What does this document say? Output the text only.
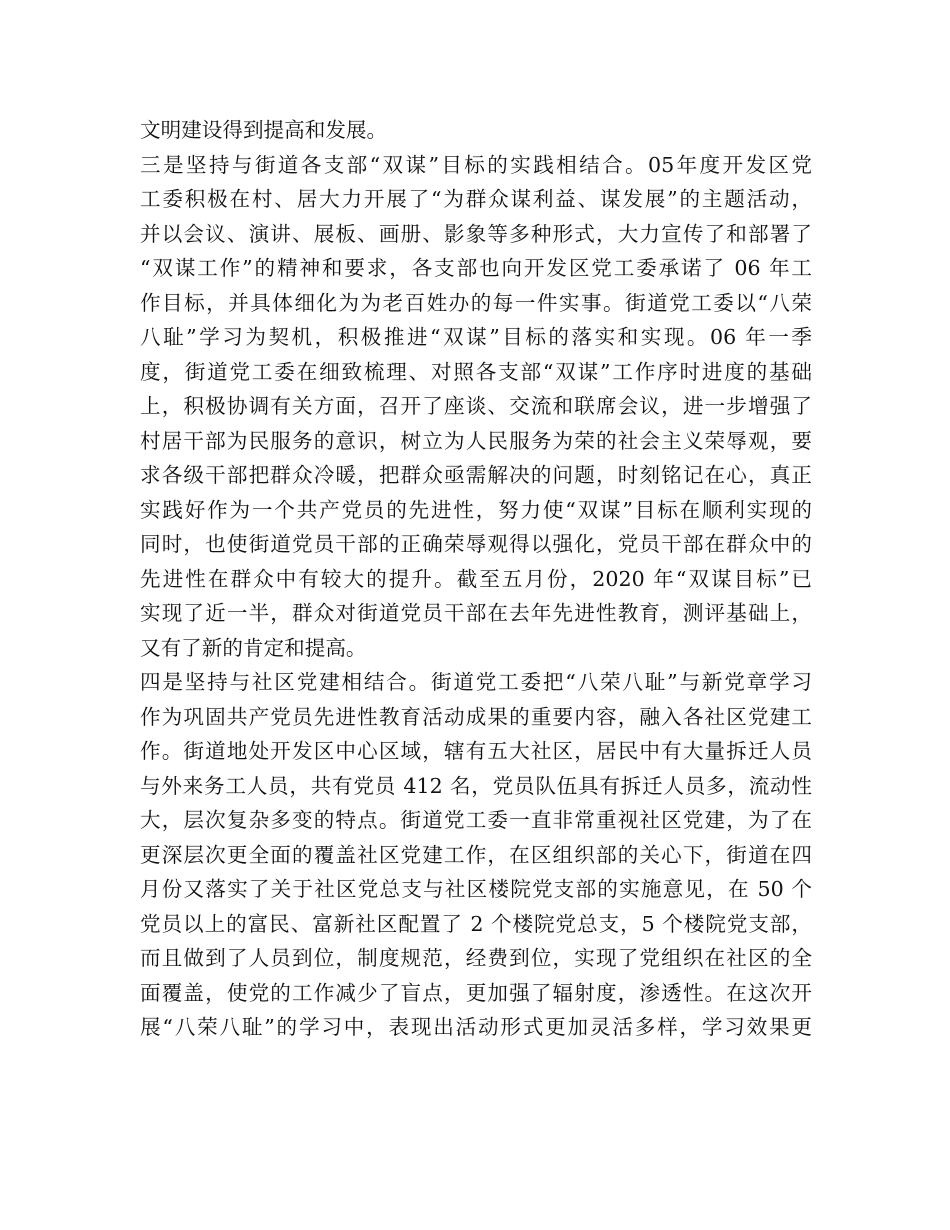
文明建设得到提高和发展。
三是坚持与街道各支部“双谋”目标的实践相结合。05年度开发区党
工委积极在村、居大力开展了“为群众谋利益、谋发展”的主题活动，
并以会议、演讲、展板、画册、影象等多种形式，大力宣传了和部署了
“双谋工作”的精神和要求，各支部也向开发区党工委承诺了 06 年工
作目标，并具体细化为为老百姓办的每一件实事。街道党工委以“八荣
八耻”学习为契机，积极推进“双谋”目标的落实和实现。06 年一季
度，街道党工委在细致梳理、对照各支部“双谋”工作序时进度的基础
上，积极协调有关方面，召开了座谈、交流和联席会议，进一步增强了
村居干部为民服务的意识，树立为人民服务为荣的社会主义荣辱观，要
求各级干部把群众冷暖，把群众亟需解决的问题，时刻铭记在心，真正
实践好作为一个共产党员的先进性，努力使“双谋”目标在顺利实现的
同时，也使街道党员干部的正确荣辱观得以强化，党员干部在群众中的
先进性在群众中有较大的提升。截至五月份，2020 年“双谋目标”已
实现了近一半，群众对街道党员干部在去年先进性教育，测评基础上，
又有了新的肯定和提高。
四是坚持与社区党建相结合。街道党工委把“八荣八耻”与新党章学习
作为巩固共产党员先进性教育活动成果的重要内容，融入各社区党建工
作。街道地处开发区中心区域，辖有五大社区，居民中有大量拆迁人员
与外来务工人员，共有党员 412 名，党员队伍具有拆迁人员多，流动性
大，层次复杂多变的特点。街道党工委一直非常重视社区党建，为了在
更深层次更全面的覆盖社区党建工作，在区组织部的关心下，街道在四
月份又落实了关于社区党总支与社区楼院党支部的实施意见，在 50 个
党员以上的富民、富新社区配置了 2 个楼院党总支，5 个楼院党支部，
而且做到了人员到位，制度规范，经费到位，实现了党组织在社区的全
面覆盖，使党的工作减少了盲点，更加强了辐射度，渗透性。在这次开
展“八荣八耻”的学习中，表现出活动形式更加灵活多样，学习效果更
